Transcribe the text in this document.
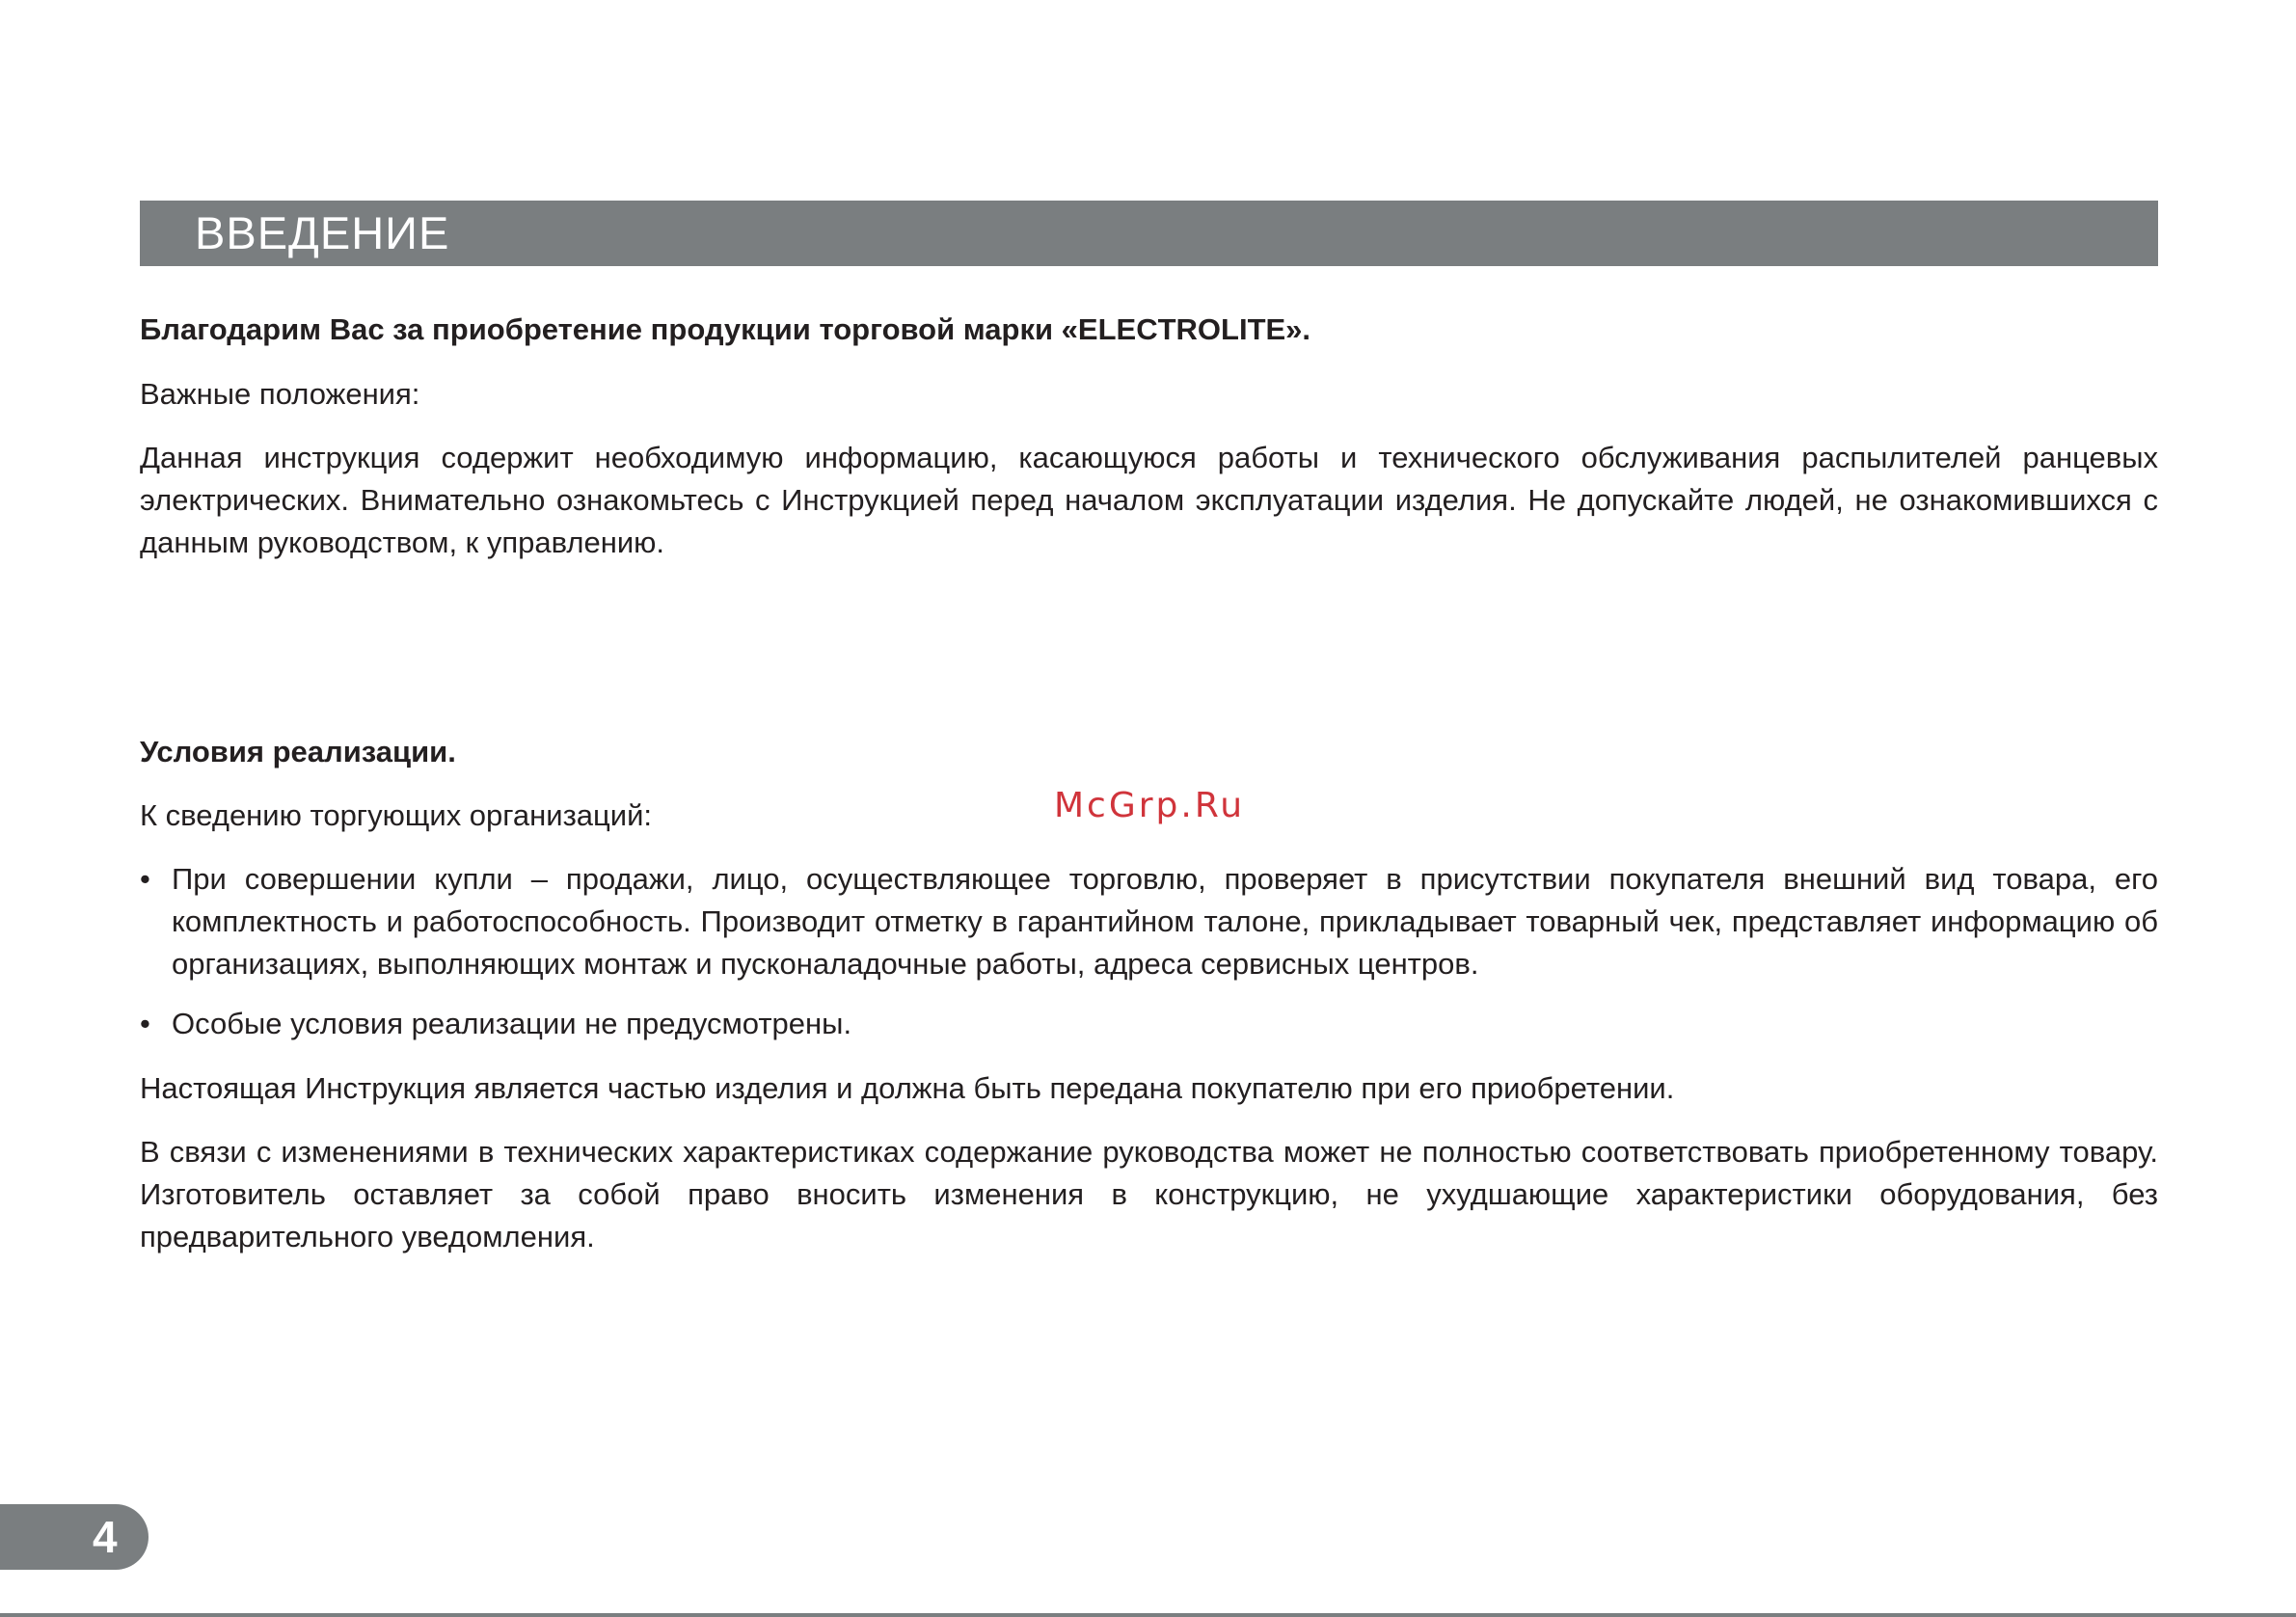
ВВЕДЕНИЕ

Благодарим Вас за приобретение продукции торговой марки «ELECTROLITE».

Важные положения:

Данная инструкция содержит необходимую информацию, касающуюся работы и технического обслуживания распылителей ранцевых электрических. Внимательно ознакомьтесь с Инструкцией перед началом эксплуатации изделия. Не допускайте людей, не ознакомившихся с данным руководством, к управлению.

Условия реализации.

К сведению торгующих организаций:

• При совершении купли – продажи, лицо, осуществляющее торговлю, проверяет в присутствии покупателя внешний вид товара, его комплектность и работоспособность. Производит отметку в гарантийном талоне, прикладывает товарный чек, представляет информацию об организациях, выполняющих монтаж и пусконаладочные работы, адреса сервисных центров.

• Особые условия реализации не предусмотрены.

Настоящая Инструкция является частью изделия и должна быть передана покупателю при его приобретении.

В связи с изменениями в технических характеристиках содержание руководства может не полностью соответствовать приобретенному товару. Изготовитель оставляет за собой право вносить изменения в конструкцию, не ухудшающие характеристики оборудования, без предварительного уведомления.

McGrp.Ru
4
